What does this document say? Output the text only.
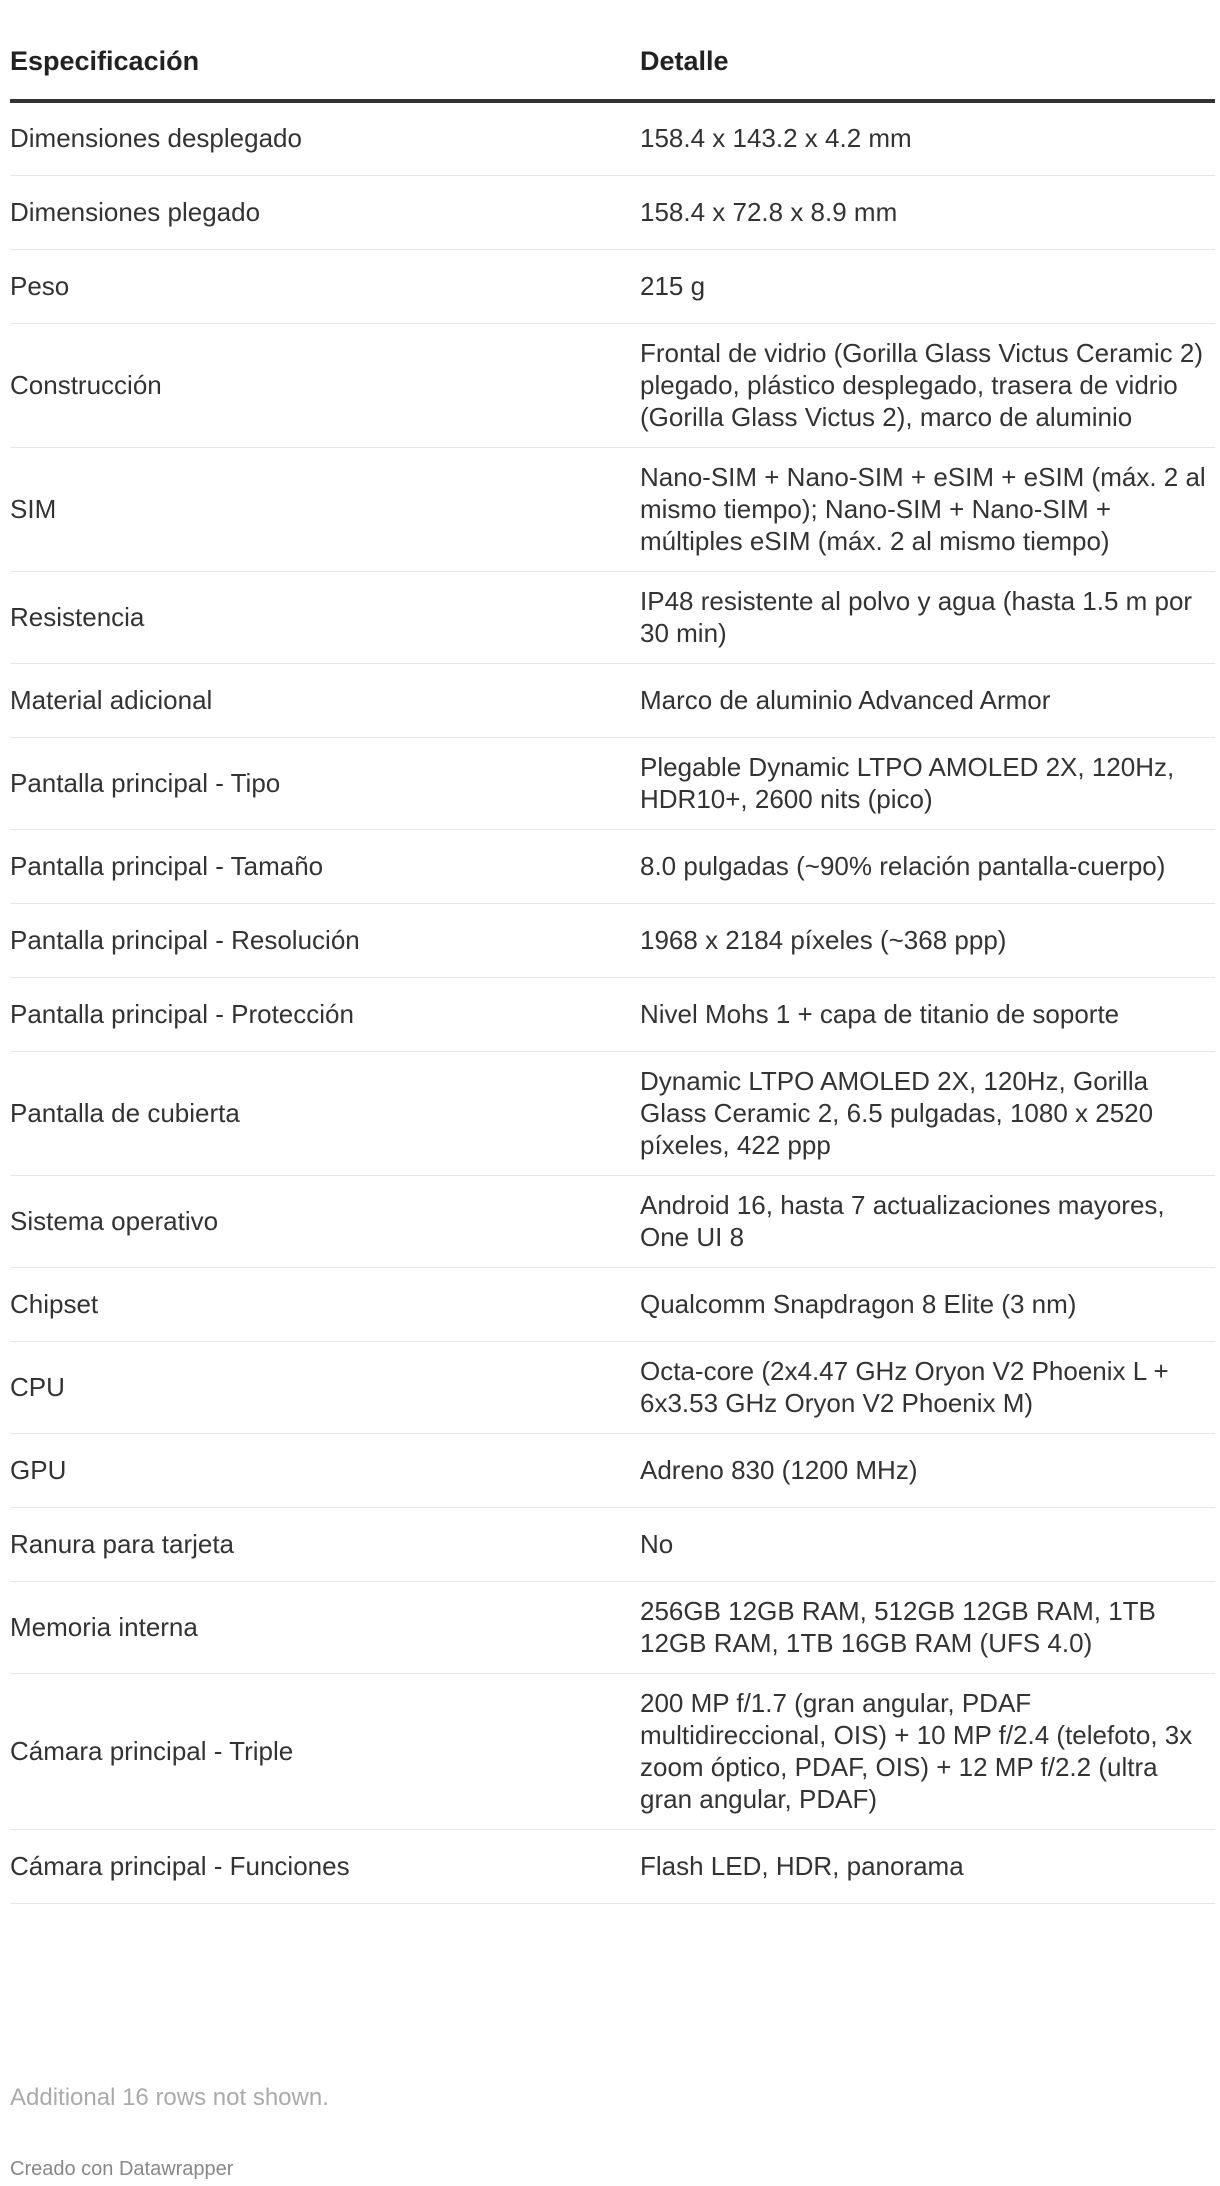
Especificación	Detalle
Dimensiones desplegado	158.4 x 143.2 x 4.2 mm
Dimensiones plegado	158.4 x 72.8 x 8.9 mm
Peso	215 g
Construcción	Frontal de vidrio (Gorilla Glass Victus Ceramic 2) plegado, plástico desplegado, trasera de vidrio (Gorilla Glass Victus 2), marco de aluminio
SIM	Nano-SIM + Nano-SIM + eSIM + eSIM (máx. 2 al mismo tiempo); Nano-SIM + Nano-SIM + múltiples eSIM (máx. 2 al mismo tiempo)
Resistencia	IP48 resistente al polvo y agua (hasta 1.5 m por 30 min)
Material adicional	Marco de aluminio Advanced Armor
Pantalla principal - Tipo	Plegable Dynamic LTPO AMOLED 2X, 120Hz, HDR10+, 2600 nits (pico)
Pantalla principal - Tamaño	8.0 pulgadas (~90% relación pantalla-cuerpo)
Pantalla principal - Resolución	1968 x 2184 píxeles (~368 ppp)
Pantalla principal - Protección	Nivel Mohs 1 + capa de titanio de soporte
Pantalla de cubierta	Dynamic LTPO AMOLED 2X, 120Hz, Gorilla Glass Ceramic 2, 6.5 pulgadas, 1080 x 2520 píxeles, 422 ppp
Sistema operativo	Android 16, hasta 7 actualizaciones mayores, One UI 8
Chipset	Qualcomm Snapdragon 8 Elite (3 nm)
CPU	Octa-core (2x4.47 GHz Oryon V2 Phoenix L + 6x3.53 GHz Oryon V2 Phoenix M)
GPU	Adreno 830 (1200 MHz)
Ranura para tarjeta	No
Memoria interna	256GB 12GB RAM, 512GB 12GB RAM, 1TB 12GB RAM, 1TB 16GB RAM (UFS 4.0)
Cámara principal - Triple	200 MP f/1.7 (gran angular, PDAF multidireccional, OIS) + 10 MP f/2.4 (telefoto, 3x zoom óptico, PDAF, OIS) + 12 MP f/2.2 (ultra gran angular, PDAF)
Cámara principal - Funciones	Flash LED, HDR, panorama
Additional 16 rows not shown.
Creado con Datawrapper
